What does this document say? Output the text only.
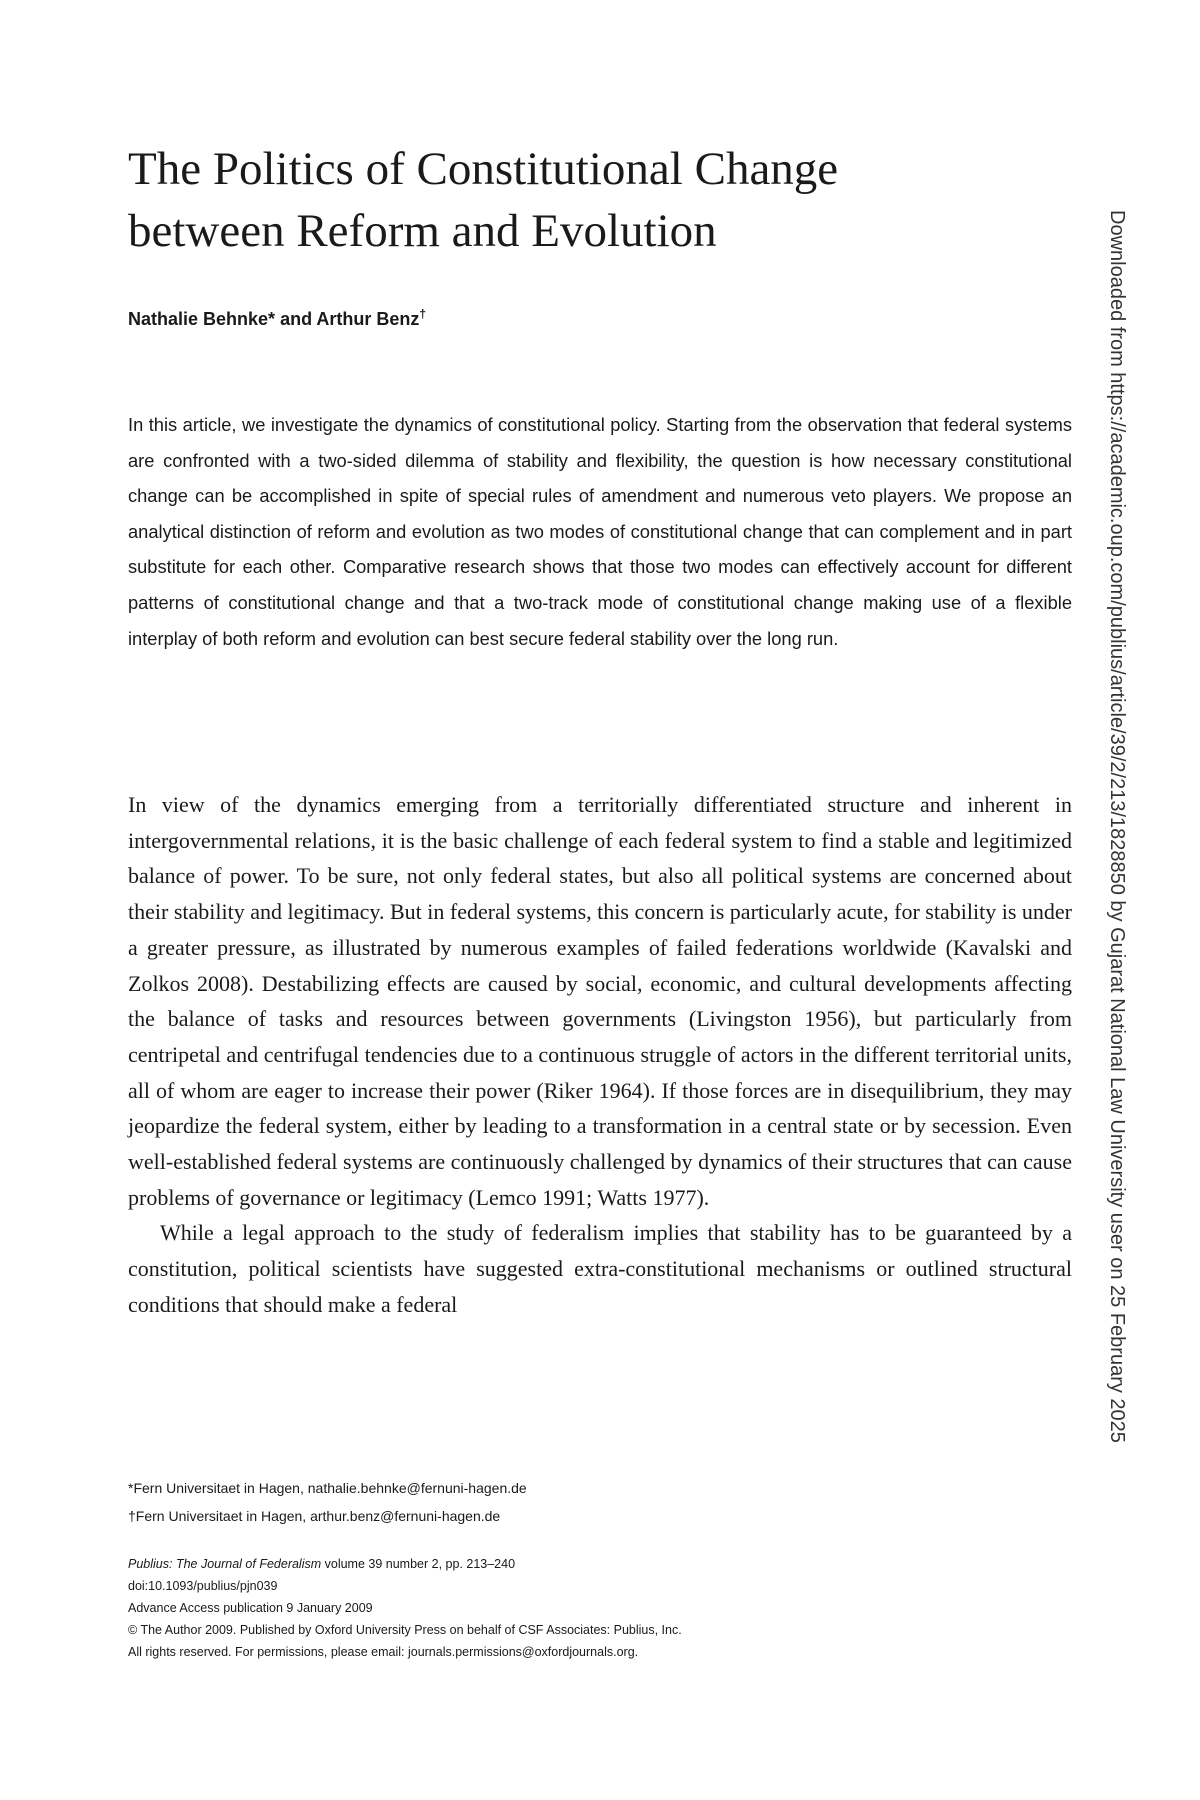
The Politics of Constitutional Change
between Reform and Evolution
Nathalie Behnke* and Arthur Benz†

In this article, we investigate the dynamics of constitutional policy. Starting from the observation that federal systems are confronted with a two-sided dilemma of stability and flexibility, the question is how necessary constitutional change can be accomplished in spite of special rules of amendment and numerous veto players. We propose an analytical distinction of reform and evolution as two modes of constitutional change that can complement and in part substitute for each other. Comparative research shows that those two modes can effectively account for different patterns of constitutional change and that a two-track mode of constitutional change making use of a flexible interplay of both reform and evolution can best secure federal stability over the long run.

In view of the dynamics emerging from a territorially differentiated structure and inherent in intergovernmental relations, it is the basic challenge of each federal system to find a stable and legitimized balance of power. To be sure, not only federal states, but also all political systems are concerned about their stability and legitimacy. But in federal systems, this concern is particularly acute, for stability is under a greater pressure, as illustrated by numerous examples of failed federations worldwide (Kavalski and Zolkos 2008). Destabilizing effects are caused by social, economic, and cultural developments affecting the balance of tasks and resources between governments (Livingston 1956), but particularly from centripetal and centrifugal tendencies due to a continuous struggle of actors in the different territorial units, all of whom are eager to increase their power (Riker 1964). If those forces are in disequilibrium, they may jeopardize the federal system, either by leading to a transformation in a central state or by secession. Even well-established federal systems are continuously challenged by dynamics of their structures that can cause problems of governance or legitimacy (Lemco 1991; Watts 1977).

While a legal approach to the study of federalism implies that stability has to be guaranteed by a constitution, political scientists have suggested extra-constitutional mechanisms or outlined structural conditions that should make a federal

*Fern Universitaet in Hagen, nathalie.behnke@fernuni-hagen.de
†Fern Universitaet in Hagen, arthur.benz@fernuni-hagen.de
Publius: The Journal of Federalism volume 39 number 2, pp. 213–240
doi:10.1093/publius/pjn039
Advance Access publication 9 January 2009
© The Author 2009. Published by Oxford University Press on behalf of CSF Associates: Publius, Inc.
All rights reserved. For permissions, please email: journals.permissions@oxfordjournals.org.
Downloaded from https://academic.oup.com/publius/article/39/2/213/1828850 by Gujarat National Law University user on 25 February 2025
